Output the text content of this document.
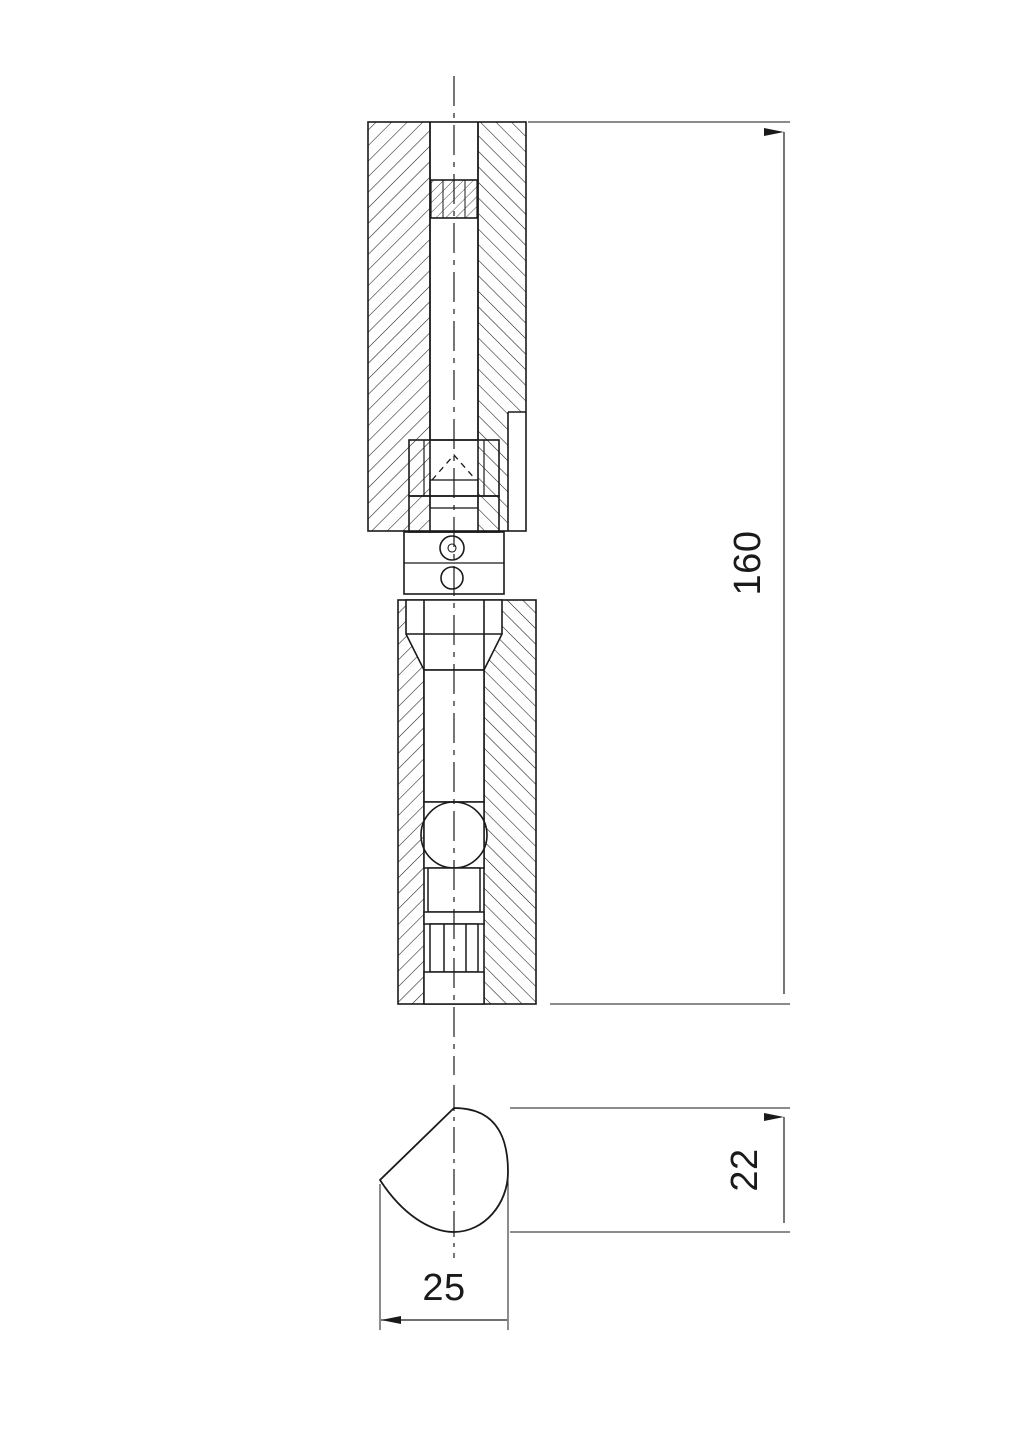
160
22
25
